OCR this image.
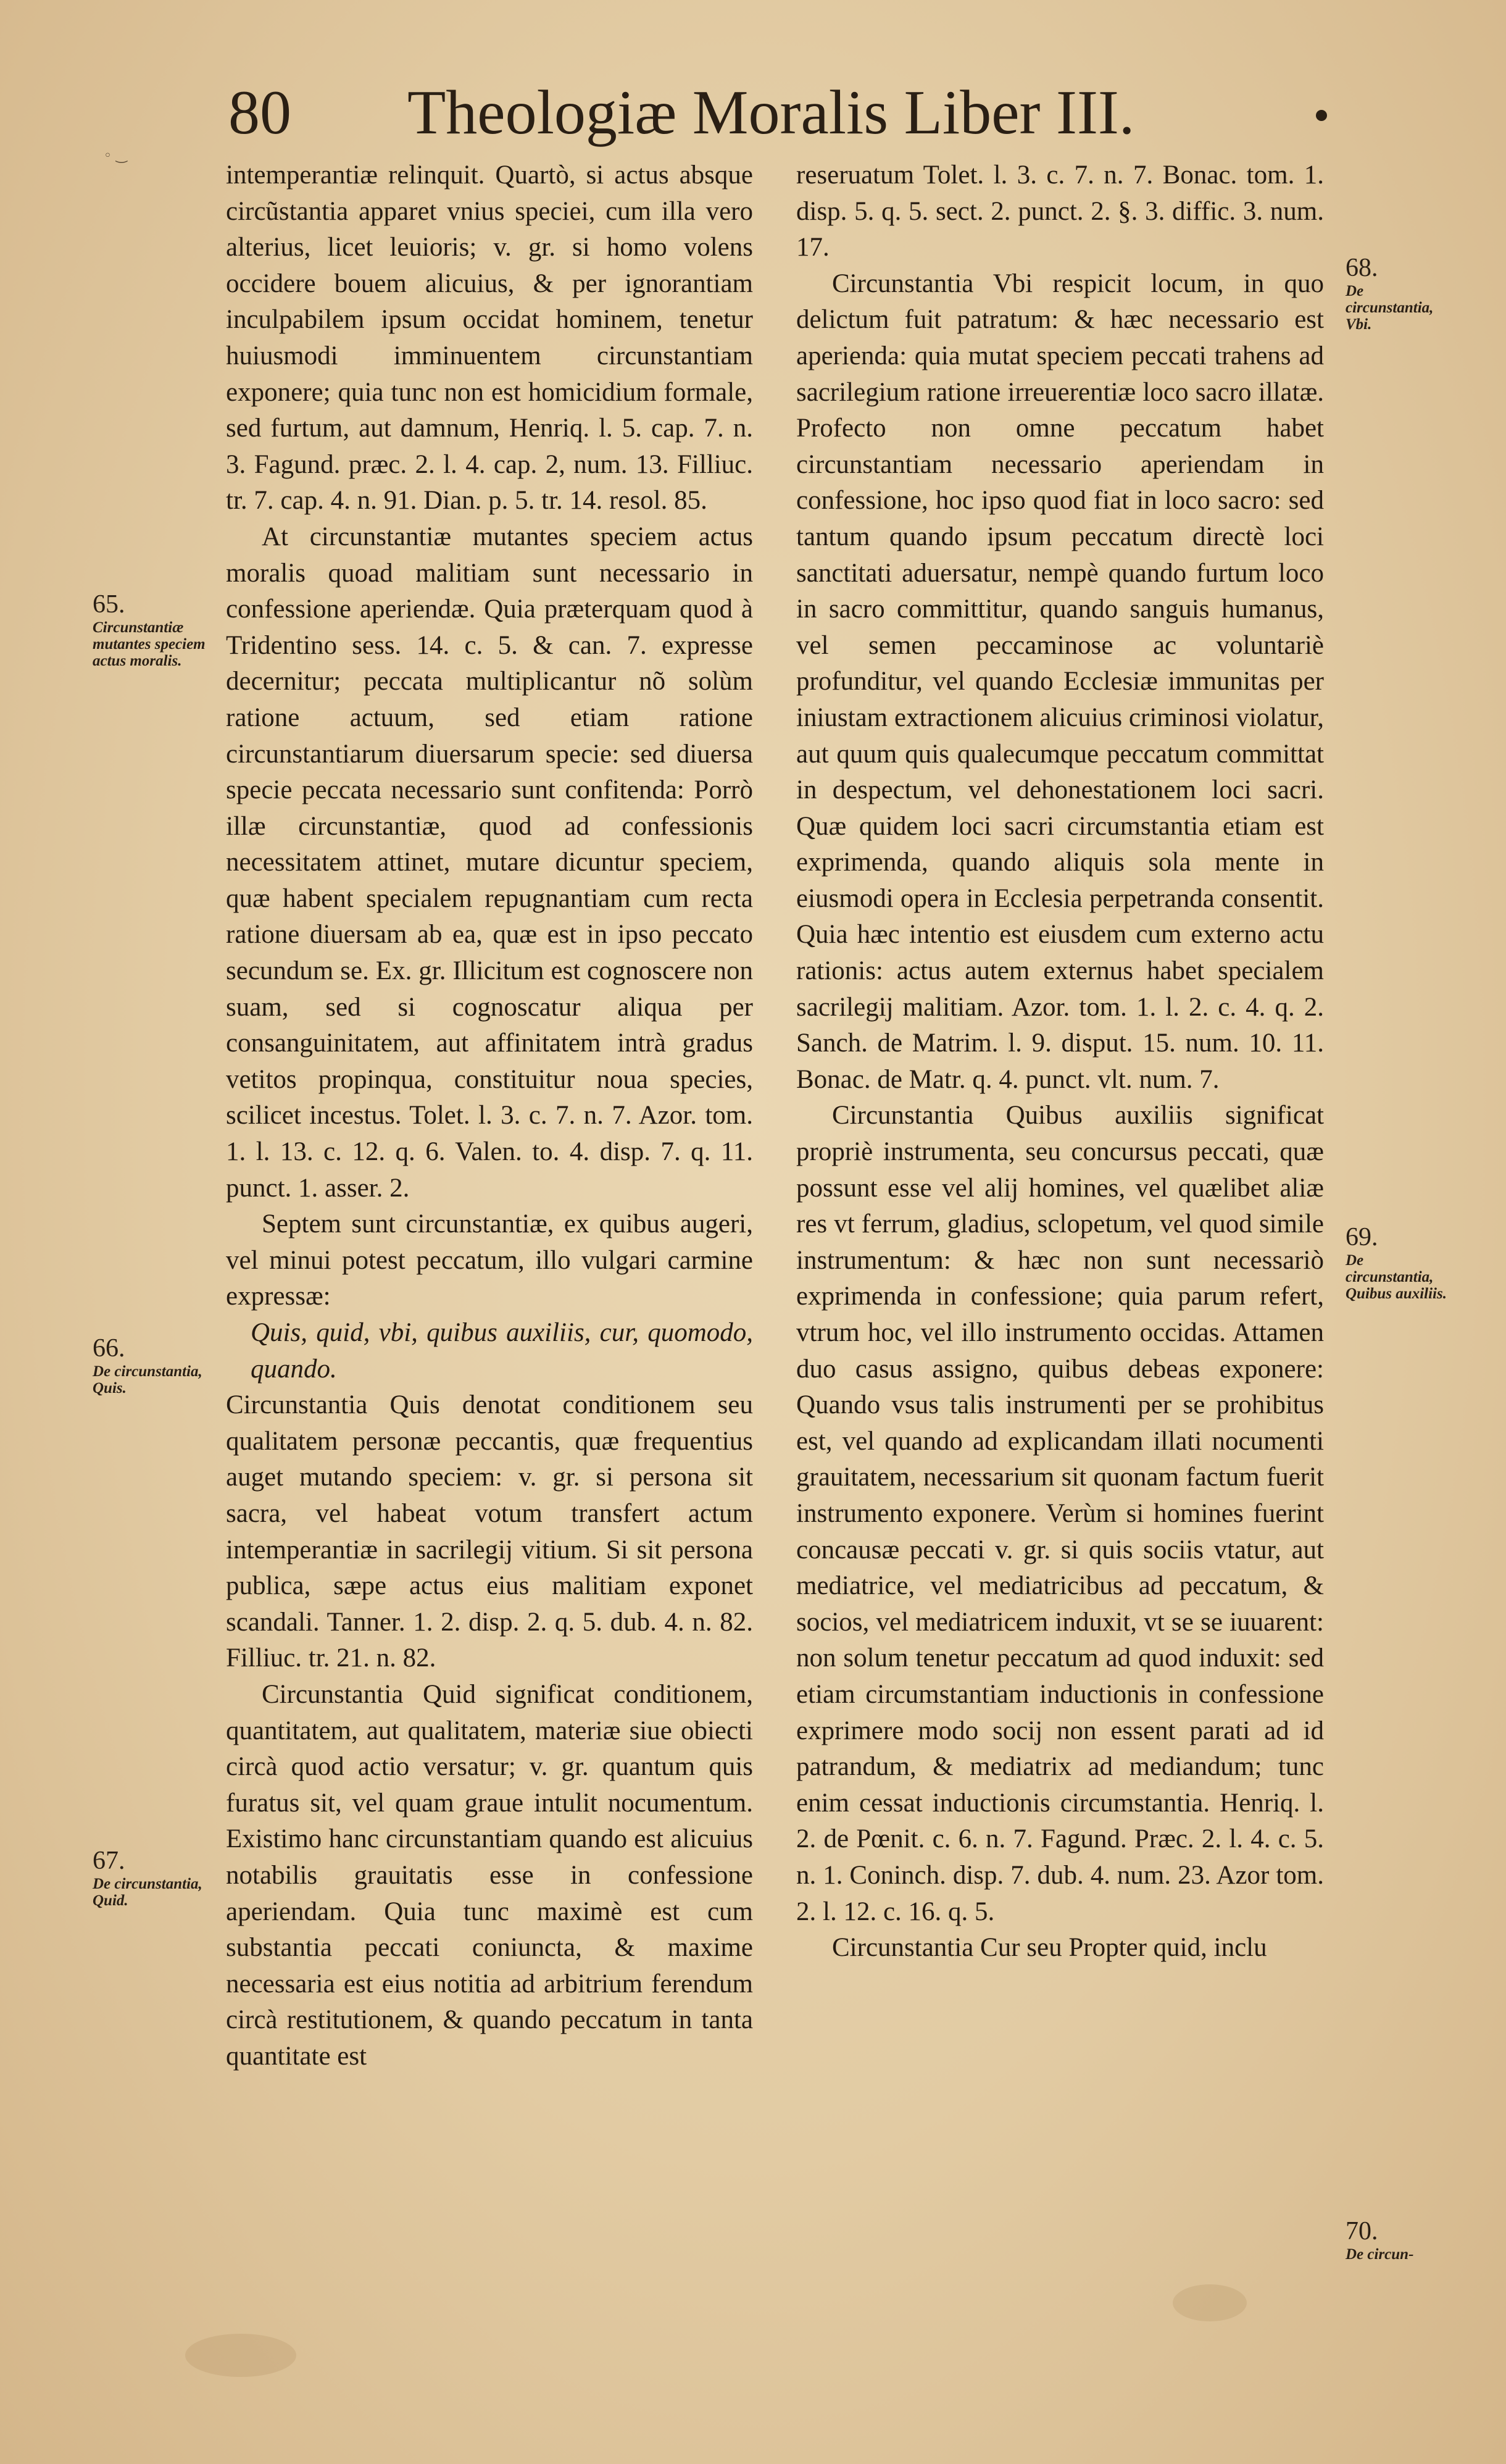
◦ ‿
80 Theologiæ Moralis Liber III.
65.
Circunstantiæ mutantes speciem actus moralis.
66.
De circunstantia, Quis.
67.
De circunstantia, Quid.
68.
De circunstantia, Vbi.
69.
De circunstantia, Quibus auxiliis.
70.
De circun-

intemperantiæ relinquit. Quartò, si actus absque circũstantia apparet vnius speciei, cum illa vero alterius, licet leuioris; v. gr. si homo volens occidere bouem alicuius, & per ignorantiam inculpabilem ipsum occidat hominem, tenetur huiusmodi imminuentem circunstantiam exponere; quia tunc non est homicidium formale, sed furtum, aut damnum, Henriq. l. 5. cap. 7. n. 3. Fagund. præc. 2. l. 4. cap. 2, num. 13. Filliuc. tr. 7. cap. 4. n. 91. Dian. p. 5. tr. 14. resol. 85.

At circunstantiæ mutantes speciem actus moralis quoad malitiam sunt necessario in confessione aperiendæ. Quia præterquam quod à Tridentino sess. 14. c. 5. & can. 7. expresse decernitur; peccata multiplicantur nõ solùm ratione actuum, sed etiam ratione circunstantiarum diuersarum specie: sed diuersa specie peccata necessario sunt confitenda: Porrò illæ circunstantiæ, quod ad confessionis necessitatem attinet, mutare dicuntur speciem, quæ habent specialem repugnantiam cum recta ratione diuersam ab ea, quæ est in ipso peccato secundum se. Ex. gr. Illicitum est cognoscere non suam, sed si cognoscatur aliqua per consanguinitatem, aut affinitatem intrà gradus vetitos propinqua, constituitur noua species, scilicet incestus. Tolet. l. 3. c. 7. n. 7. Azor. tom. 1. l. 13. c. 12. q. 6. Valen. to. 4. disp. 7. q. 11. punct. 1. asser. 2.

Septem sunt circunstantiæ, ex quibus augeri, vel minui potest peccatum, illo vulgari carmine expressæ:

Quis, quid, vbi, quibus auxiliis, cur, quomodo, quando.

Circunstantia Quis denotat conditionem seu qualitatem personæ peccantis, quæ frequentius auget mutando speciem: v. gr. si persona sit sacra, vel habeat votum transfert actum intemperantiæ in sacrilegij vitium. Si sit persona publica, sæpe actus eius malitiam exponet scandali. Tanner. 1. 2. disp. 2. q. 5. dub. 4. n. 82. Filliuc. tr. 21. n. 82.

Circunstantia Quid significat conditionem, quantitatem, aut qualitatem, materiæ siue obiecti circà quod actio versatur; v. gr. quantum quis furatus sit, vel quam graue intulit nocumentum. Existimo hanc circunstantiam quando est alicuius notabilis grauitatis esse in confessione aperiendam. Quia tunc maximè est cum substantia peccati coniuncta, & maxime necessaria est eius notitia ad arbitrium ferendum circà restitutionem, & quando peccatum in tanta quantitate est

reseruatum Tolet. l. 3. c. 7. n. 7. Bonac. tom. 1. disp. 5. q. 5. sect. 2. punct. 2. §. 3. diffic. 3. num. 17.

Circunstantia Vbi respicit locum, in quo delictum fuit patratum: & hæc necessario est aperienda: quia mutat speciem peccati trahens ad sacrilegium ratione irreuerentiæ loco sacro illatæ. Profecto non omne peccatum habet circunstantiam necessario aperiendam in confessione, hoc ipso quod fiat in loco sacro: sed tantum quando ipsum peccatum directè loci sanctitati aduersatur, nempè quando furtum loco in sacro committitur, quando sanguis humanus, vel semen peccaminose ac voluntariè profunditur, vel quando Ecclesiæ immunitas per iniustam extractionem alicuius criminosi violatur, aut quum quis qualecumque peccatum committat in despectum, vel dehonestationem loci sacri. Quæ quidem loci sacri circumstantia etiam est exprimenda, quando aliquis sola mente in eiusmodi opera in Ecclesia perpetranda consentit. Quia hæc intentio est eiusdem cum externo actu rationis: actus autem externus habet specialem sacrilegij malitiam. Azor. tom. 1. l. 2. c. 4. q. 2. Sanch. de Matrim. l. 9. disput. 15. num. 10. 11. Bonac. de Matr. q. 4. punct. vlt. num. 7.

Circunstantia Quibus auxiliis significat propriè instrumenta, seu concursus peccati, quæ possunt esse vel alij homines, vel quælibet aliæ res vt ferrum, gladius, sclopetum, vel quod simile instrumentum: & hæc non sunt necessariò exprimenda in confessione; quia parum refert, vtrum hoc, vel illo instrumento occidas. Attamen duo casus assigno, quibus debeas exponere: Quando vsus talis instrumenti per se prohibitus est, vel quando ad explicandam illati nocumenti grauitatem, necessarium sit quonam factum fuerit instrumento exponere. Verùm si homines fuerint concausæ peccati v. gr. si quis sociis vtatur, aut mediatrice, vel mediatricibus ad peccatum, & socios, vel mediatricem induxit, vt se se iuuarent: non solum tenetur peccatum ad quod induxit: sed etiam circumstantiam inductionis in confessione exprimere modo socij non essent parati ad id patrandum, & mediatrix ad mediandum; tunc enim cessat inductionis circumstantia. Henriq. l. 2. de Pœnit. c. 6. n. 7. Fagund. Præc. 2. l. 4. c. 5. n. 1. Coninch. disp. 7. dub. 4. num. 23. Azor tom. 2. l. 12. c. 16. q. 5.

Circunstantia Cur seu Propter quid, inclu
